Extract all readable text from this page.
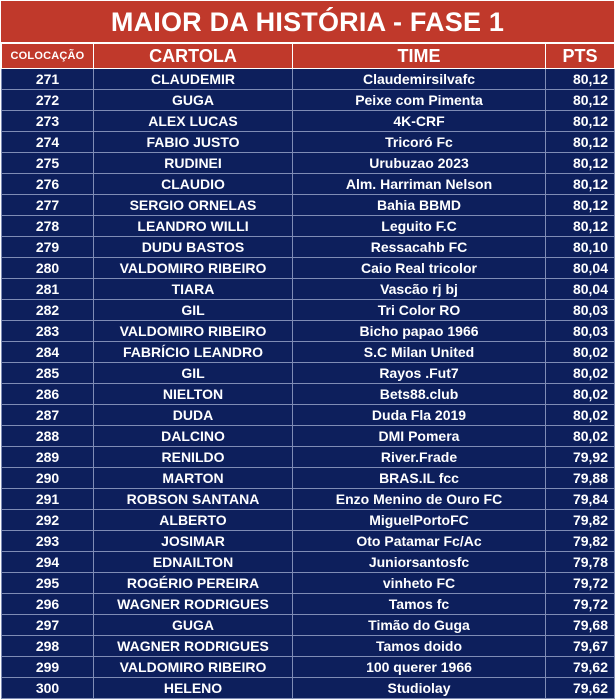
MAIOR DA HISTÓRIA - FASE 1
COLOCAÇÃO	CARTOLA	TIME	PTS
271	CLAUDEMIR	Claudemirsilvafc	80,12
272	GUGA	Peixe com Pimenta	80,12
273	ALEX LUCAS	4K-CRF	80,12
274	FABIO JUSTO	Tricoró Fc	80,12
275	RUDINEI	Urubuzao 2023	80,12
276	CLAUDIO	Alm. Harriman Nelson	80,12
277	SERGIO ORNELAS	Bahia BBMD	80,12
278	LEANDRO WILLI	Leguito F.C	80,12
279	DUDU BASTOS	Ressacahb FC	80,10
280	VALDOMIRO RIBEIRO	Caio Real tricolor	80,04
281	TIARA	Vascão rj bj	80,04
282	GIL	Tri Color RO	80,03
283	VALDOMIRO RIBEIRO	Bicho papao 1966	80,03
284	FABRÍCIO LEANDRO	S.C Milan United	80,02
285	GIL	Rayos .Fut7	80,02
286	NIELTON	Bets88.club	80,02
287	DUDA	Duda Fla 2019	80,02
288	DALCINO	DMI Pomera	80,02
289	RENILDO	River.Frade	79,92
290	MARTON	BRAS.IL fcc	79,88
291	ROBSON SANTANA	Enzo Menino de Ouro FC	79,84
292	ALBERTO	MiguelPortoFC	79,82
293	JOSIMAR	Oto Patamar Fc/Ac	79,82
294	EDNAILTON	Juniorsantosfc	79,78
295	ROGÉRIO PEREIRA	vinheto FC	79,72
296	WAGNER RODRIGUES	Tamos fc	79,72
297	GUGA	Timão do Guga	79,68
298	WAGNER RODRIGUES	Tamos doido	79,67
299	VALDOMIRO RIBEIRO	100 querer 1966	79,62
300	HELENO	Studiolay	79,62
